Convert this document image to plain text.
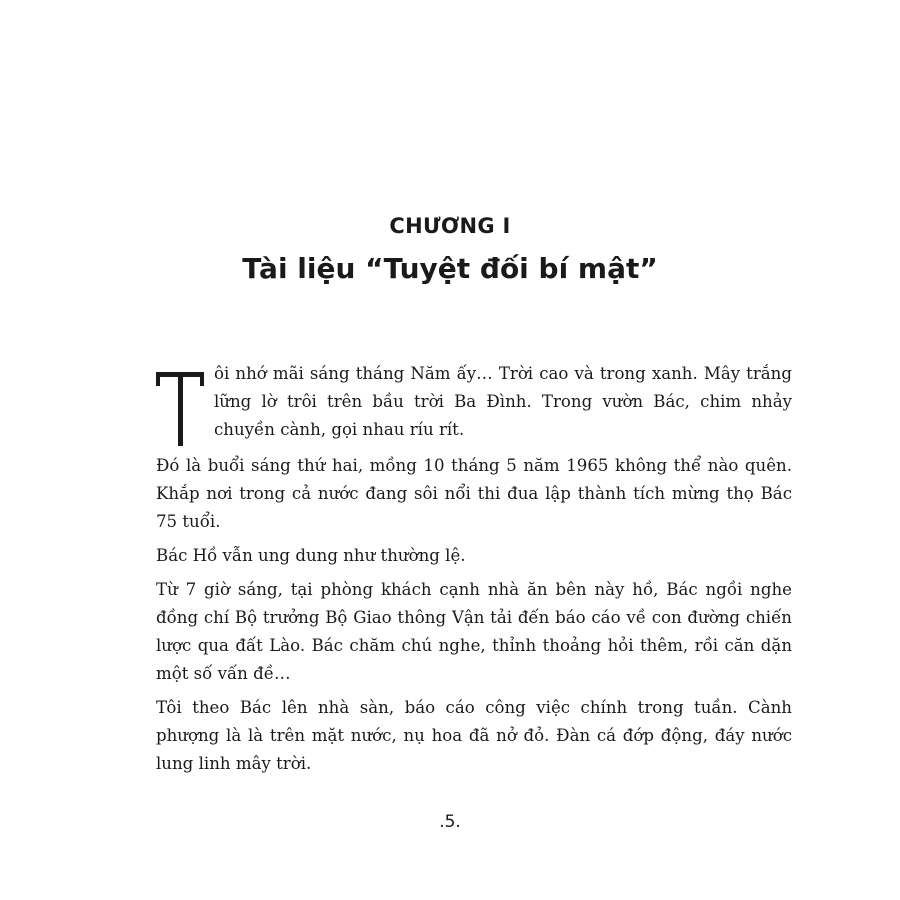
CHƯƠNG I
Tài liệu “Tuyệt đối bí mật”
ôi nhớ mãi sáng tháng Năm ấy… Trời cao và trong xanh. Mây trắng lững lờ trôi trên bầu trời Ba Đình. Trong vườn Bác, chim nhảy chuyền cành, gọi nhau ríu rít.

Đó là buổi sáng thứ hai, mồng 10 tháng 5 năm 1965 không thể nào quên. Khắp nơi trong cả nước đang sôi nổi thi đua lập thành tích mừng thọ Bác 75 tuổi.

Bác Hồ vẫn ung dung như thường lệ.

Từ 7 giờ sáng, tại phòng khách cạnh nhà ăn bên này hồ, Bác ngồi nghe đồng chí Bộ trưởng Bộ Giao thông Vận tải đến báo cáo về con đường chiến lược qua đất Lào. Bác chăm chú nghe, thỉnh thoảng hỏi thêm, rồi căn dặn một số vấn đề…

Tôi theo Bác lên nhà sàn, báo cáo công việc chính trong tuần. Cành phượng là là trên mặt nước, nụ hoa đã nở đỏ. Đàn cá đớp động, đáy nước lung linh mây trời.

.5.
